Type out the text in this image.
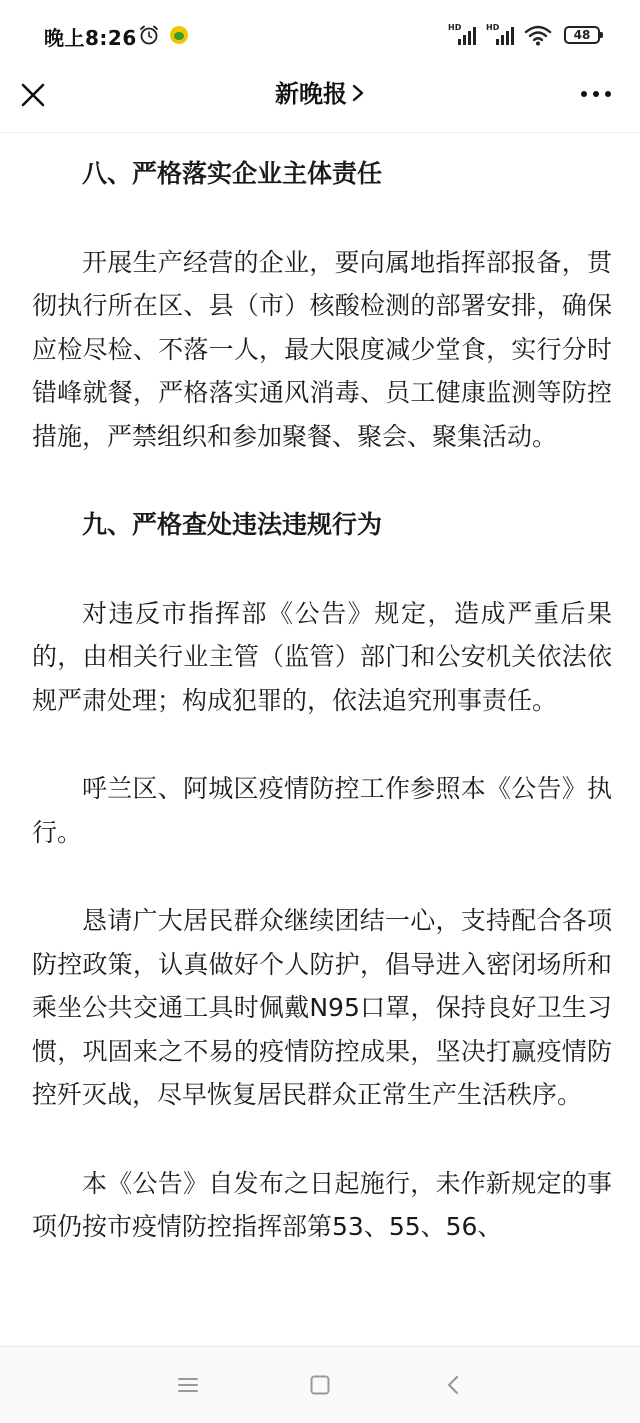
晚上8:26	HD	HD
48
新晚报
八、严格落实企业主体责任

开展生产经营的企业，要向属地指挥部报备，贯彻执行所在区、县（市）核酸检测的部署安排，确保应检尽检、不落一人，最大限度减少堂食，实行分时错峰就餐，严格落实通风消毒、员工健康监测等防控措施，严禁组织和参加聚餐、聚会、聚集活动。

九、严格查处违法违规行为

对违反市指挥部《公告》规定，造成严重后果的，由相关行业主管（监管）部门和公安机关依法依规严肃处理；构成犯罪的，依法追究刑事责任。

呼兰区、阿城区疫情防控工作参照本《公告》执行。

恳请广大居民群众继续团结一心，支持配合各项防控政策，认真做好个人防护，倡导进入密闭场所和乘坐公共交通工具时佩戴N95口罩，保持良好卫生习惯，巩固来之不易的疫情防控成果，坚决打赢疫情防控歼灭战，尽早恢复居民群众正常生产生活秩序。

本《公告》自发布之日起施行，未作新规定的事项仍按市疫情防控指挥部第53、55、56、
